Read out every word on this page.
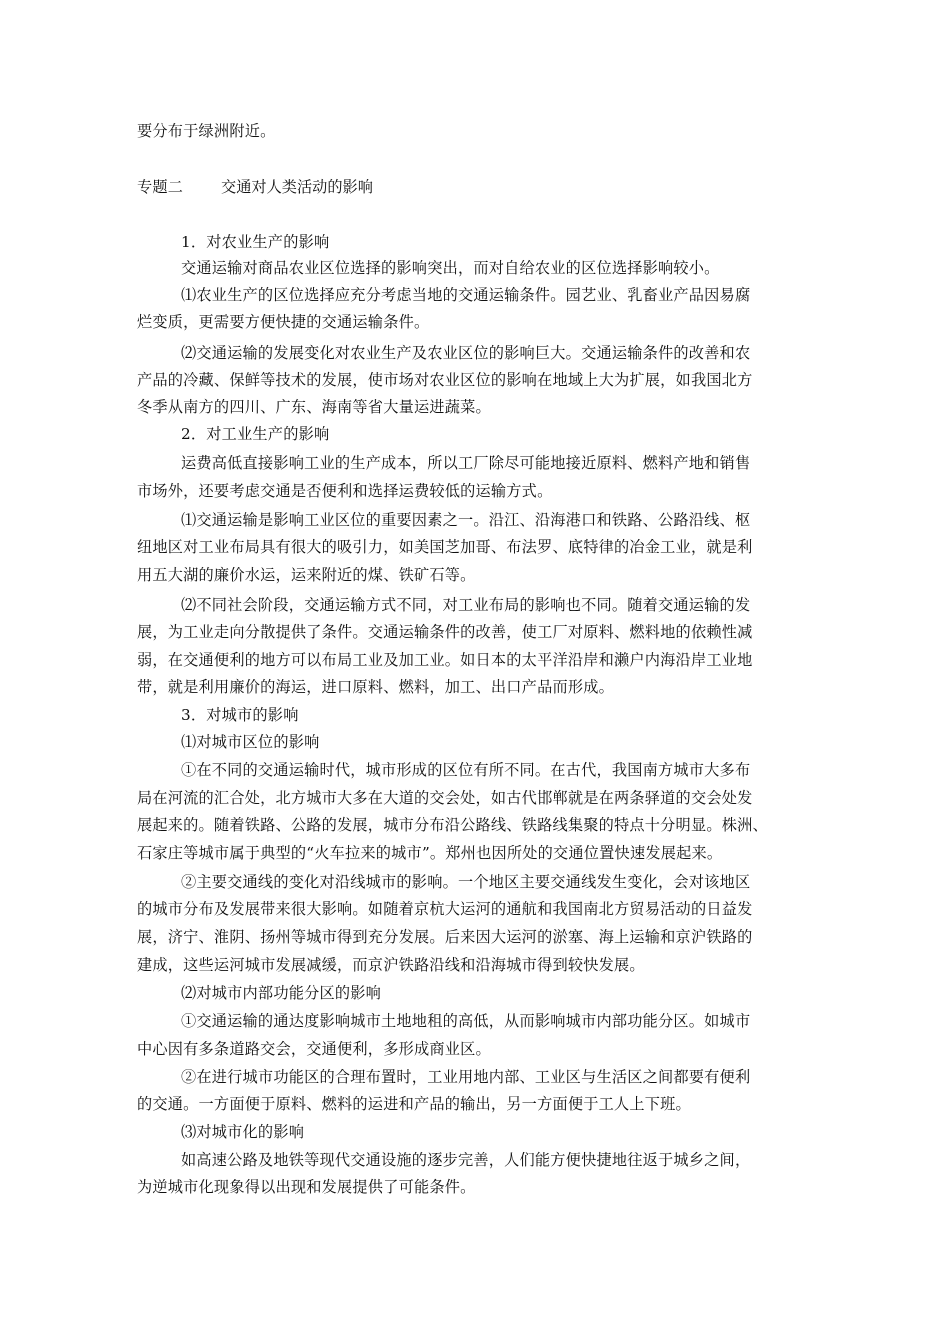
要分布于绿洲附近。
专题二	交通对人类活动的影响
1．对农业生产的影响
交通运输对商品农业区位选择的影响突出，而对自给农业的区位选择影响较小。
⑴农业生产的区位选择应充分考虑当地的交通运输条件。园艺业、乳畜业产品因易腐
烂变质，更需要方便快捷的交通运输条件。
⑵交通运输的发展变化对农业生产及农业区位的影响巨大。交通运输条件的改善和农
产品的冷藏、保鲜等技术的发展，使市场对农业区位的影响在地域上大为扩展，如我国北方
冬季从南方的四川、广东、海南等省大量运进蔬菜。
2．对工业生产的影响
运费高低直接影响工业的生产成本，所以工厂除尽可能地接近原料、燃料产地和销售
市场外，还要考虑交通是否便利和选择运费较低的运输方式。
⑴交通运输是影响工业区位的重要因素之一。沿江、沿海港口和铁路、公路沿线、枢
纽地区对工业布局具有很大的吸引力，如美国芝加哥、布法罗、底特律的冶金工业，就是利
用五大湖的廉价水运，运来附近的煤、铁矿石等。
⑵不同社会阶段，交通运输方式不同，对工业布局的影响也不同。随着交通运输的发
展，为工业走向分散提供了条件。交通运输条件的改善，使工厂对原料、燃料地的依赖性减
弱，在交通便利的地方可以布局工业及加工业。如日本的太平洋沿岸和濑户内海沿岸工业地
带，就是利用廉价的海运，进口原料、燃料，加工、出口产品而形成。
3．对城市的影响
⑴对城市区位的影响
①在不同的交通运输时代，城市形成的区位有所不同。在古代，我国南方城市大多布
局在河流的汇合处，北方城市大多在大道的交会处，如古代邯郸就是在两条驿道的交会处发
展起来的。随着铁路、公路的发展，城市分布沿公路线、铁路线集聚的特点十分明显。株洲、
石家庄等城市属于典型的“火车拉来的城市”。郑州也因所处的交通位置快速发展起来。
②主要交通线的变化对沿线城市的影响。一个地区主要交通线发生变化，会对该地区
的城市分布及发展带来很大影响。如随着京杭大运河的通航和我国南北方贸易活动的日益发
展，济宁、淮阴、扬州等城市得到充分发展。后来因大运河的淤塞、海上运输和京沪铁路的
建成，这些运河城市发展减缓，而京沪铁路沿线和沿海城市得到较快发展。
⑵对城市内部功能分区的影响
①交通运输的通达度影响城市土地地租的高低，从而影响城市内部功能分区。如城市
中心因有多条道路交会，交通便利，多形成商业区。
②在进行城市功能区的合理布置时，工业用地内部、工业区与生活区之间都要有便利
的交通。一方面便于原料、燃料的运进和产品的输出，另一方面便于工人上下班。
⑶对城市化的影响
如高速公路及地铁等现代交通设施的逐步完善，人们能方便快捷地往返于城乡之间，
为逆城市化现象得以出现和发展提供了可能条件。
